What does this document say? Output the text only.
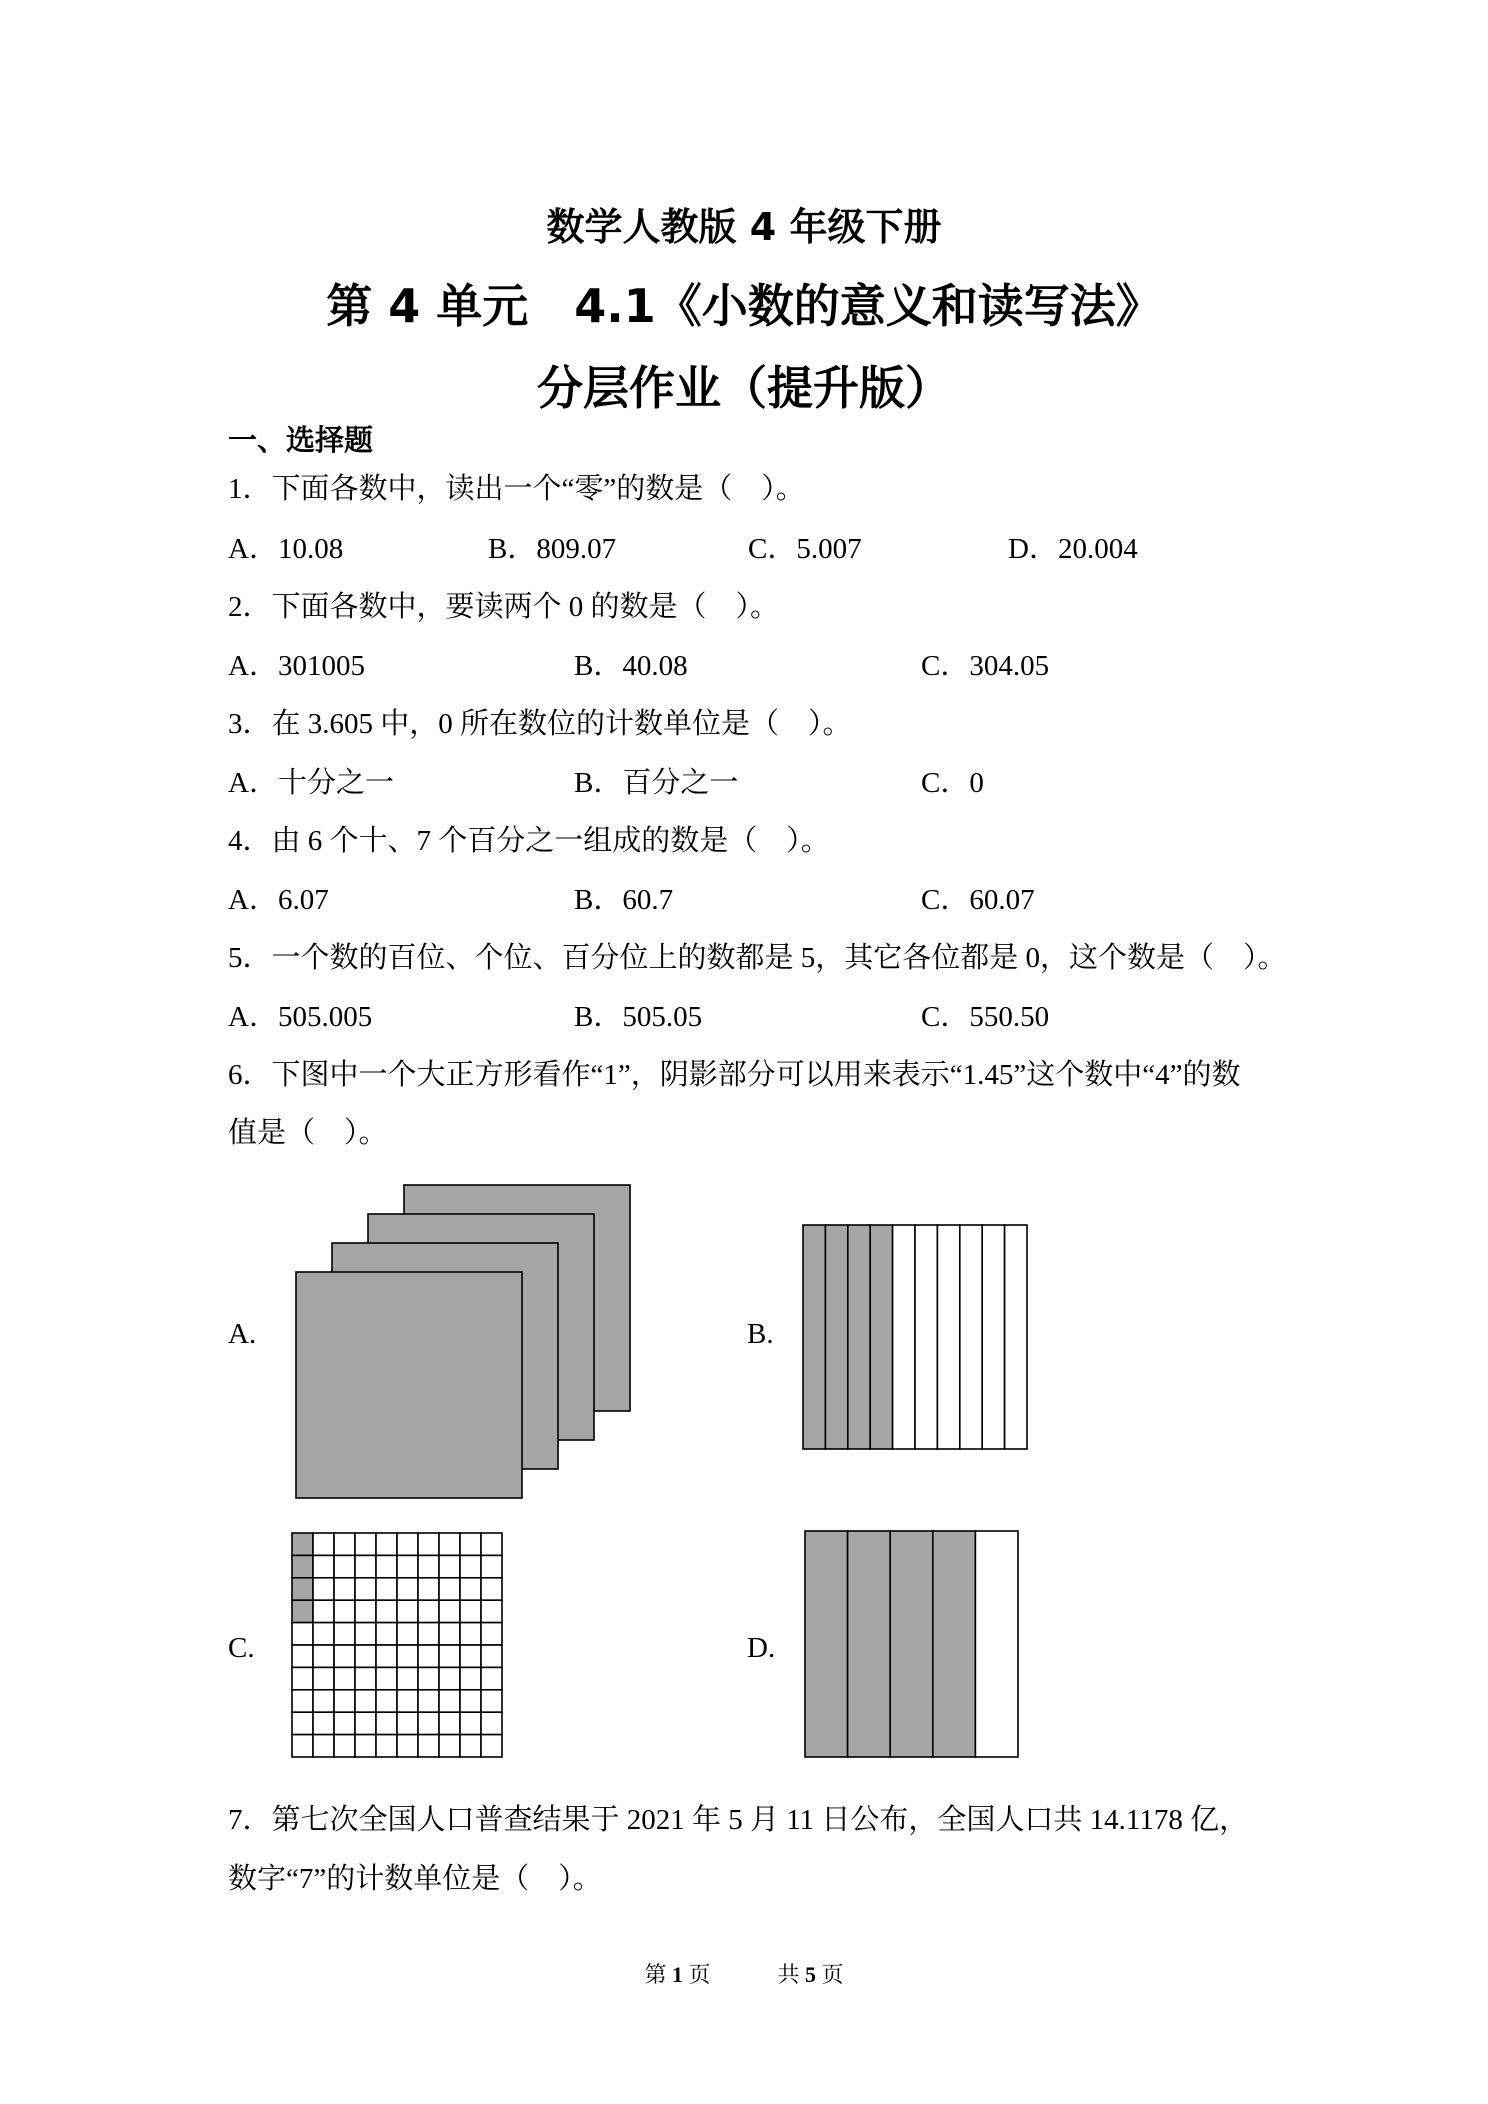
数学人教版 4 年级下册
第 4 单元　4.1《小数的意义和读写法》
分层作业（提升版）
一、选择题
1．下面各数中，读出一个“零”的数是（　）。
A．10.08	B．809.07	C．5.007	D．20.004
2．下面各数中，要读两个 0 的数是（　）。
A．301005	B．40.08	C．304.05
3．在 3.605 中，0 所在数位的计数单位是（　）。
A．十分之一	B．百分之一	C．0
4．由 6 个十、7 个百分之一组成的数是（　）。
A．6.07	B．60.7	C．60.07
5．一个数的百位、个位、百分位上的数都是 5，其它各位都是 0，这个数是（　）。
A．505.005	B．505.05	C．550.50
6．下图中一个大正方形看作“1”，阴影部分可以用来表示“1.45”这个数中“4”的数
值是（　）。
A.	B.
C.	D.
7．第七次全国人口普查结果于 2021 年 5 月 11 日公布，全国人口共 14.1178 亿，
数字“7”的计数单位是（　）。
第 1 页	共 5 页
